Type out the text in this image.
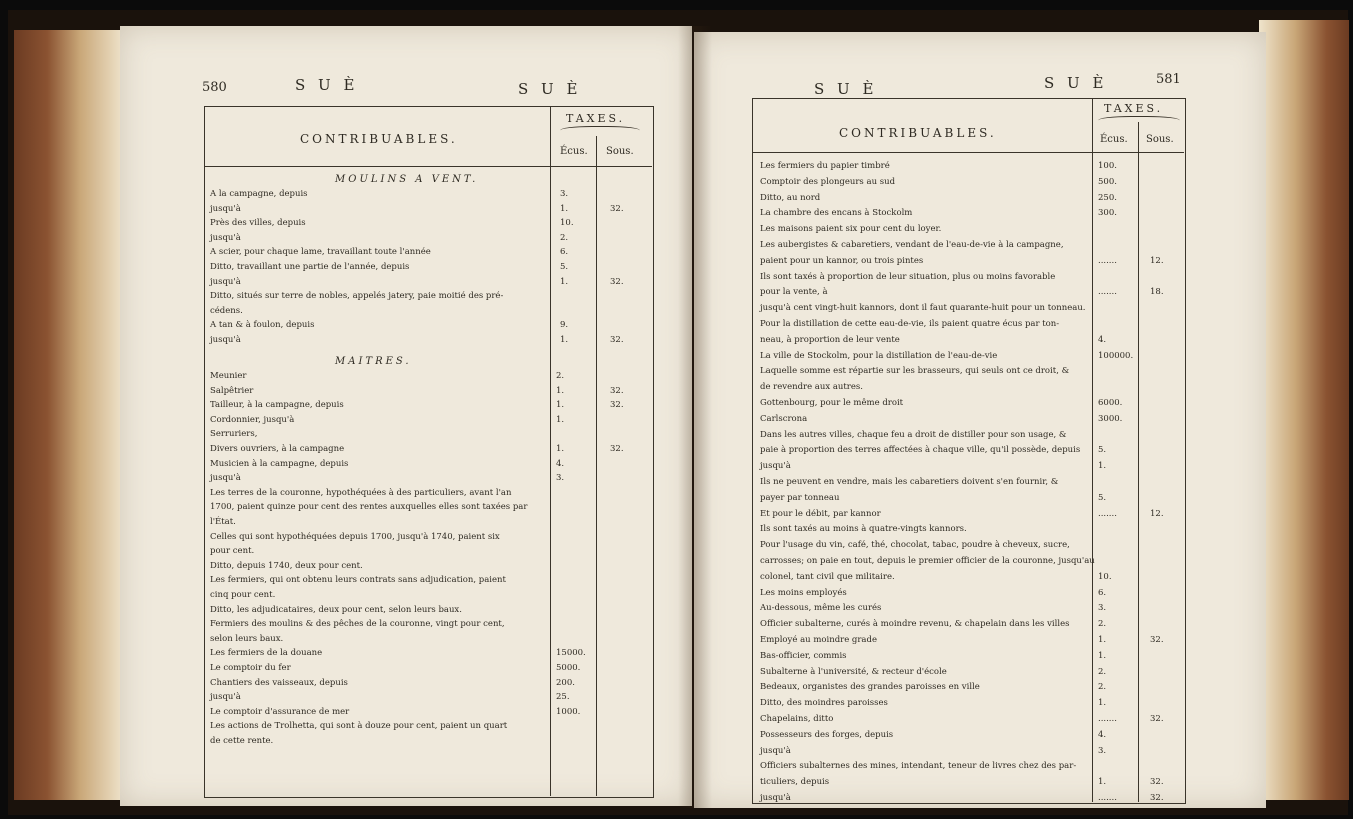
580	S U È	S U È
CONTRIBUABLES.
TAXES.
Écus. Sous.
MOULINS A VENT.
A la campagne, depuis	3.
jusqu'à	1.	32.
Près des villes, depuis	10.
jusqu'à	2.
A scier, pour chaque lame, travaillant toute l'année	6.
Ditto, travaillant une partie de l'année, depuis	5.
jusqu'à	1.	32.
Ditto, situés sur terre de nobles, appelés jatery, paie moitié des pré-
cédens.
A tan & à foulon, depuis	9.
jusqu'à	1.	32.
MAITRES.
Meunier	2.
Salpêtrier	1.	32.
Tailleur, à la campagne, depuis	1.	32.
Cordonnier, jusqu'à	1.
Serruriers,
Divers ouvriers, à la campagne	1.	32.
Musicien à la campagne, depuis	4.
jusqu'à	3.
Les terres de la couronne, hypothéquées à des particuliers, avant l'an
1700, paient quinze pour cent des rentes auxquelles elles sont taxées par
l'État.
Celles qui sont hypothéquées depuis 1700, jusqu'à 1740, paient six
pour cent.
Ditto, depuis 1740, deux pour cent.
Les fermiers, qui ont obtenu leurs contrats sans adjudication, paient
cinq pour cent.
Ditto, les adjudicataires, deux pour cent, selon leurs baux.
Fermiers des moulins & des pêches de la couronne, vingt pour cent,
selon leurs baux.
Les fermiers de la douane	15000.
Le comptoir du fer	5000.
Chantiers des vaisseaux, depuis	200.
jusqu'à	25.
Le comptoir d'assurance de mer	1000.
Les actions de Trolhetta, qui sont à douze pour cent, paient un quart
de cette rente.
S U È	S U È	581
CONTRIBUABLES.
TAXES.
Écus. Sous.
Les fermiers du papier timbré	100.
Comptoir des plongeurs au sud	500.
Ditto, au nord	250.
La chambre des encans à Stockolm	300.
Les maisons paient six pour cent du loyer.
Les aubergistes & cabaretiers, vendant de l'eau-de-vie à la campagne,
paient pour un kannor, ou trois pintes	.......	12.
Ils sont taxés à proportion de leur situation, plus ou moins favorable
pour la vente, à	.......	18.
jusqu'à cent vingt-huit kannors, dont il faut quarante-huit pour un tonneau.
Pour la distillation de cette eau-de-vie, ils paient quatre écus par ton-
neau, à proportion de leur vente	4.
La ville de Stockolm, pour la distillation de l'eau-de-vie	100000.
Laquelle somme est répartie sur les brasseurs, qui seuls ont ce droit, &
de revendre aux autres.
Gottenbourg, pour le même droit	6000.
Carlscrona	3000.
Dans les autres villes, chaque feu a droit de distiller pour son usage, &
paie à proportion des terres affectées à chaque ville, qu'il possède, depuis 5.
jusqu'à	1.
Ils ne peuvent en vendre, mais les cabaretiers doivent s'en fournir, &
payer par tonneau	5.
Et pour le débit, par kannor	.......	12.
Ils sont taxés au moins à quatre-vingts kannors.
Pour l'usage du vin, café, thé, chocolat, tabac, poudre à cheveux, sucre,
carrosses; on paie en tout, depuis le premier officier de la couronne, jusqu'au
colonel, tant civil que militaire.	10.
Les moins employés	6.
Au-dessous, même les curés	3.
Officier subalterne, curés à moindre revenu, & chapelain dans les villes	2.
Employé au moindre grade	1.	32.
Bas-officier, commis	1.
Subalterne à l'université, & recteur d'école	2.
Bedeaux, organistes des grandes paroisses en ville	2.
Ditto, des moindres paroisses	1.
Chapelains, ditto	.......	32.
Possesseurs des forges, depuis	4.
jusqu'à	3.
Officiers subalternes des mines, intendant, teneur de livres chez des par-
ticuliers, depuis	1.	32.
jusqu'à	.......	32.
